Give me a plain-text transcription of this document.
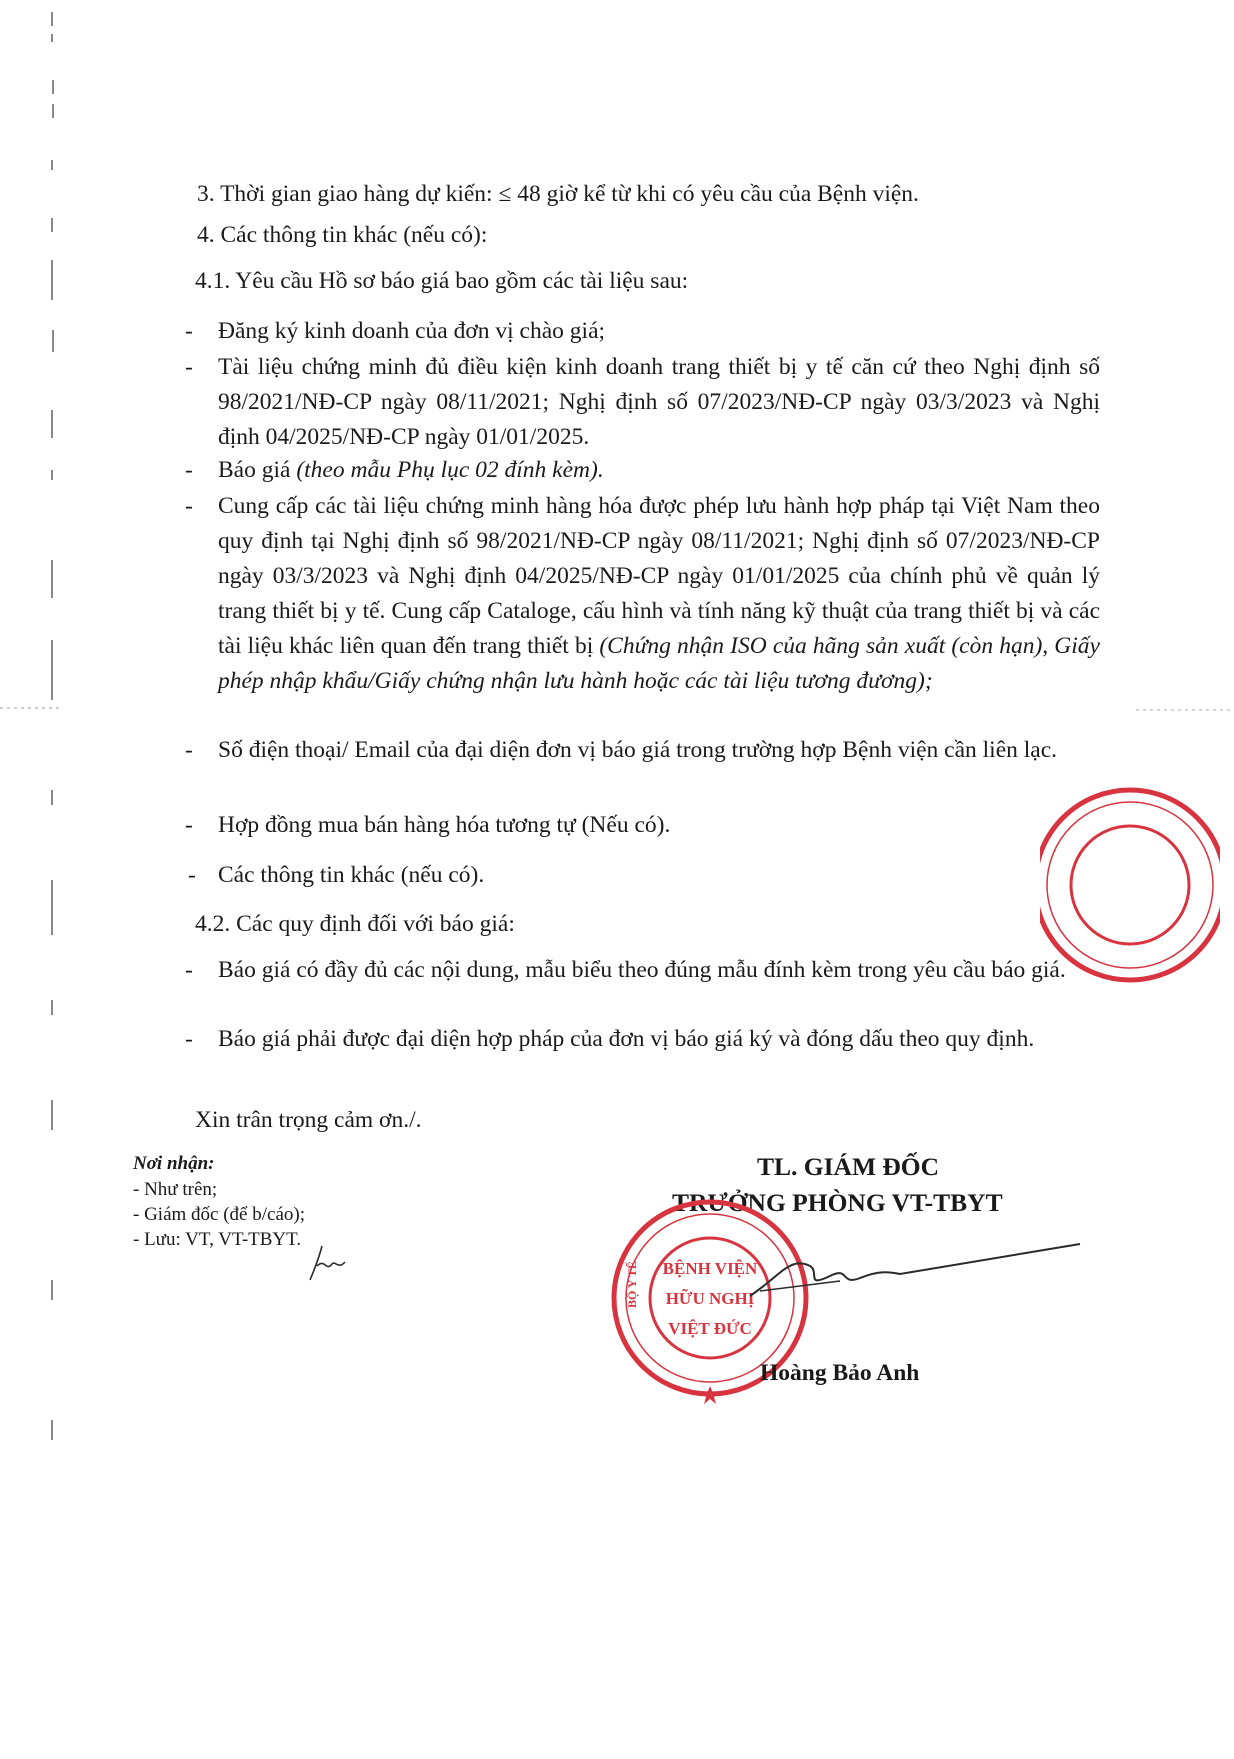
3. Thời gian giao hàng dự kiến: ≤ 48 giờ kể từ khi có yêu cầu của Bệnh viện.
4. Các thông tin khác (nếu có):
4.1. Yêu cầu Hồ sơ báo giá bao gồm các tài liệu sau:
- Đăng ký kinh doanh của đơn vị chào giá;
- Tài liệu chứng minh đủ điều kiện kinh doanh trang thiết bị y tế căn cứ theo Nghị định số 98/2021/NĐ-CP ngày 08/11/2021; Nghị định số 07/2023/NĐ-CP ngày 03/3/2023 và Nghị định 04/2025/NĐ-CP ngày 01/01/2025.
- Báo giá (theo mẫu Phụ lục 02 đính kèm).
- Cung cấp các tài liệu chứng minh hàng hóa được phép lưu hành hợp pháp tại Việt Nam theo quy định tại Nghị định số 98/2021/NĐ-CP ngày 08/11/2021; Nghị định số 07/2023/NĐ-CP ngày 03/3/2023 và Nghị định 04/2025/NĐ-CP ngày 01/01/2025 của chính phủ về quản lý trang thiết bị y tế. Cung cấp Cataloge, cấu hình và tính năng kỹ thuật của trang thiết bị và các tài liệu khác liên quan đến trang thiết bị (Chứng nhận ISO của hãng sản xuất (còn hạn), Giấy phép nhập khẩu/Giấy chứng nhận lưu hành hoặc các tài liệu tương đương);
- Số điện thoại/ Email của đại diện đơn vị báo giá trong trường hợp Bệnh viện cần liên lạc.
- Hợp đồng mua bán hàng hóa tương tự (Nếu có).
- Các thông tin khác (nếu có).
4.2. Các quy định đối với báo giá:
- Báo giá có đầy đủ các nội dung, mẫu biểu theo đúng mẫu đính kèm trong yêu cầu báo giá.
- Báo giá phải được đại diện hợp pháp của đơn vị báo giá ký và đóng dấu theo quy định.
Xin trân trọng cảm ơn./.
Nơi nhận:
- Như trên;
- Giám đốc (để b/cáo);
- Lưu: VT, VT-TBYT.
TL. GIÁM ĐỐC
TRƯỞNG PHÒNG VT-TBYT
BỆNH VIỆN
HỮU NGHỊ
VIỆT ĐỨC
BỘ Y TẾ
Hoàng Bảo Anh
